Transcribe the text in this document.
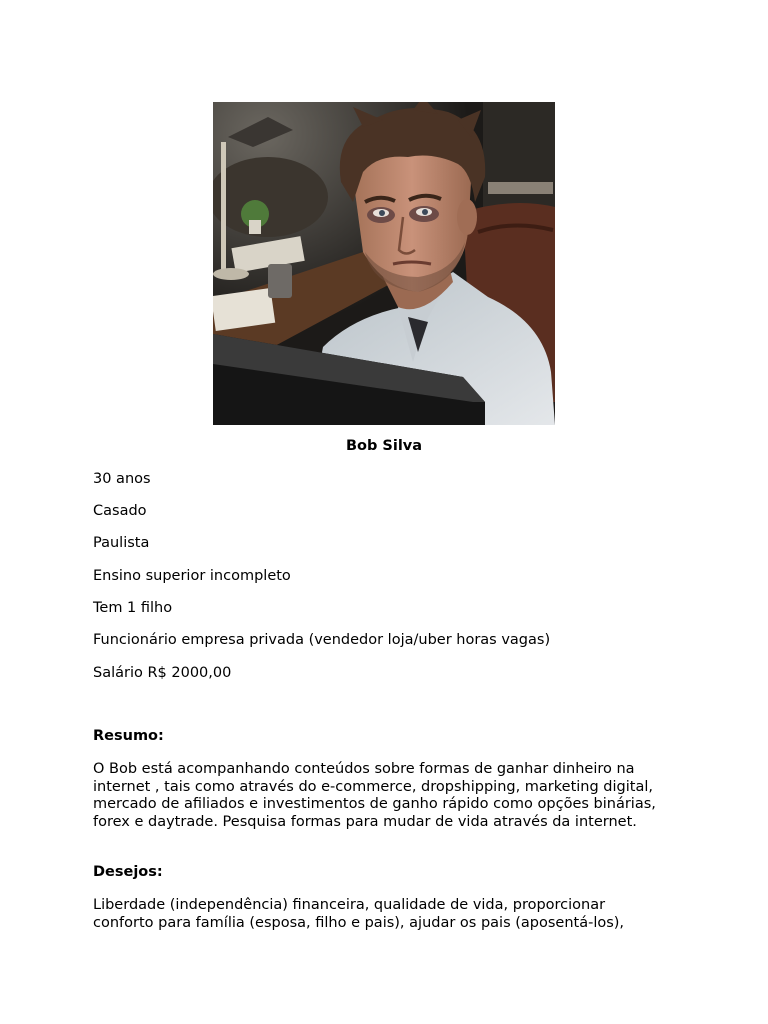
Bob Silva
30 anos
Casado
Paulista
Ensino superior incompleto
Tem 1 filho
Funcionário empresa privada (vendedor loja/uber horas vagas)
Salário R$ 2000,00
Resumo:
O Bob está acompanhando conteúdos sobre formas de ganhar dinheiro na internet , tais como através do e-commerce, dropshipping, marketing digital, mercado de afiliados e investimentos de ganho rápido como opções binárias, forex e daytrade. Pesquisa formas para mudar de vida através da internet.
Desejos:
Liberdade (independência) financeira, qualidade de vida, proporcionar conforto para família (esposa, filho e pais), ajudar os pais (aposentá-los),
